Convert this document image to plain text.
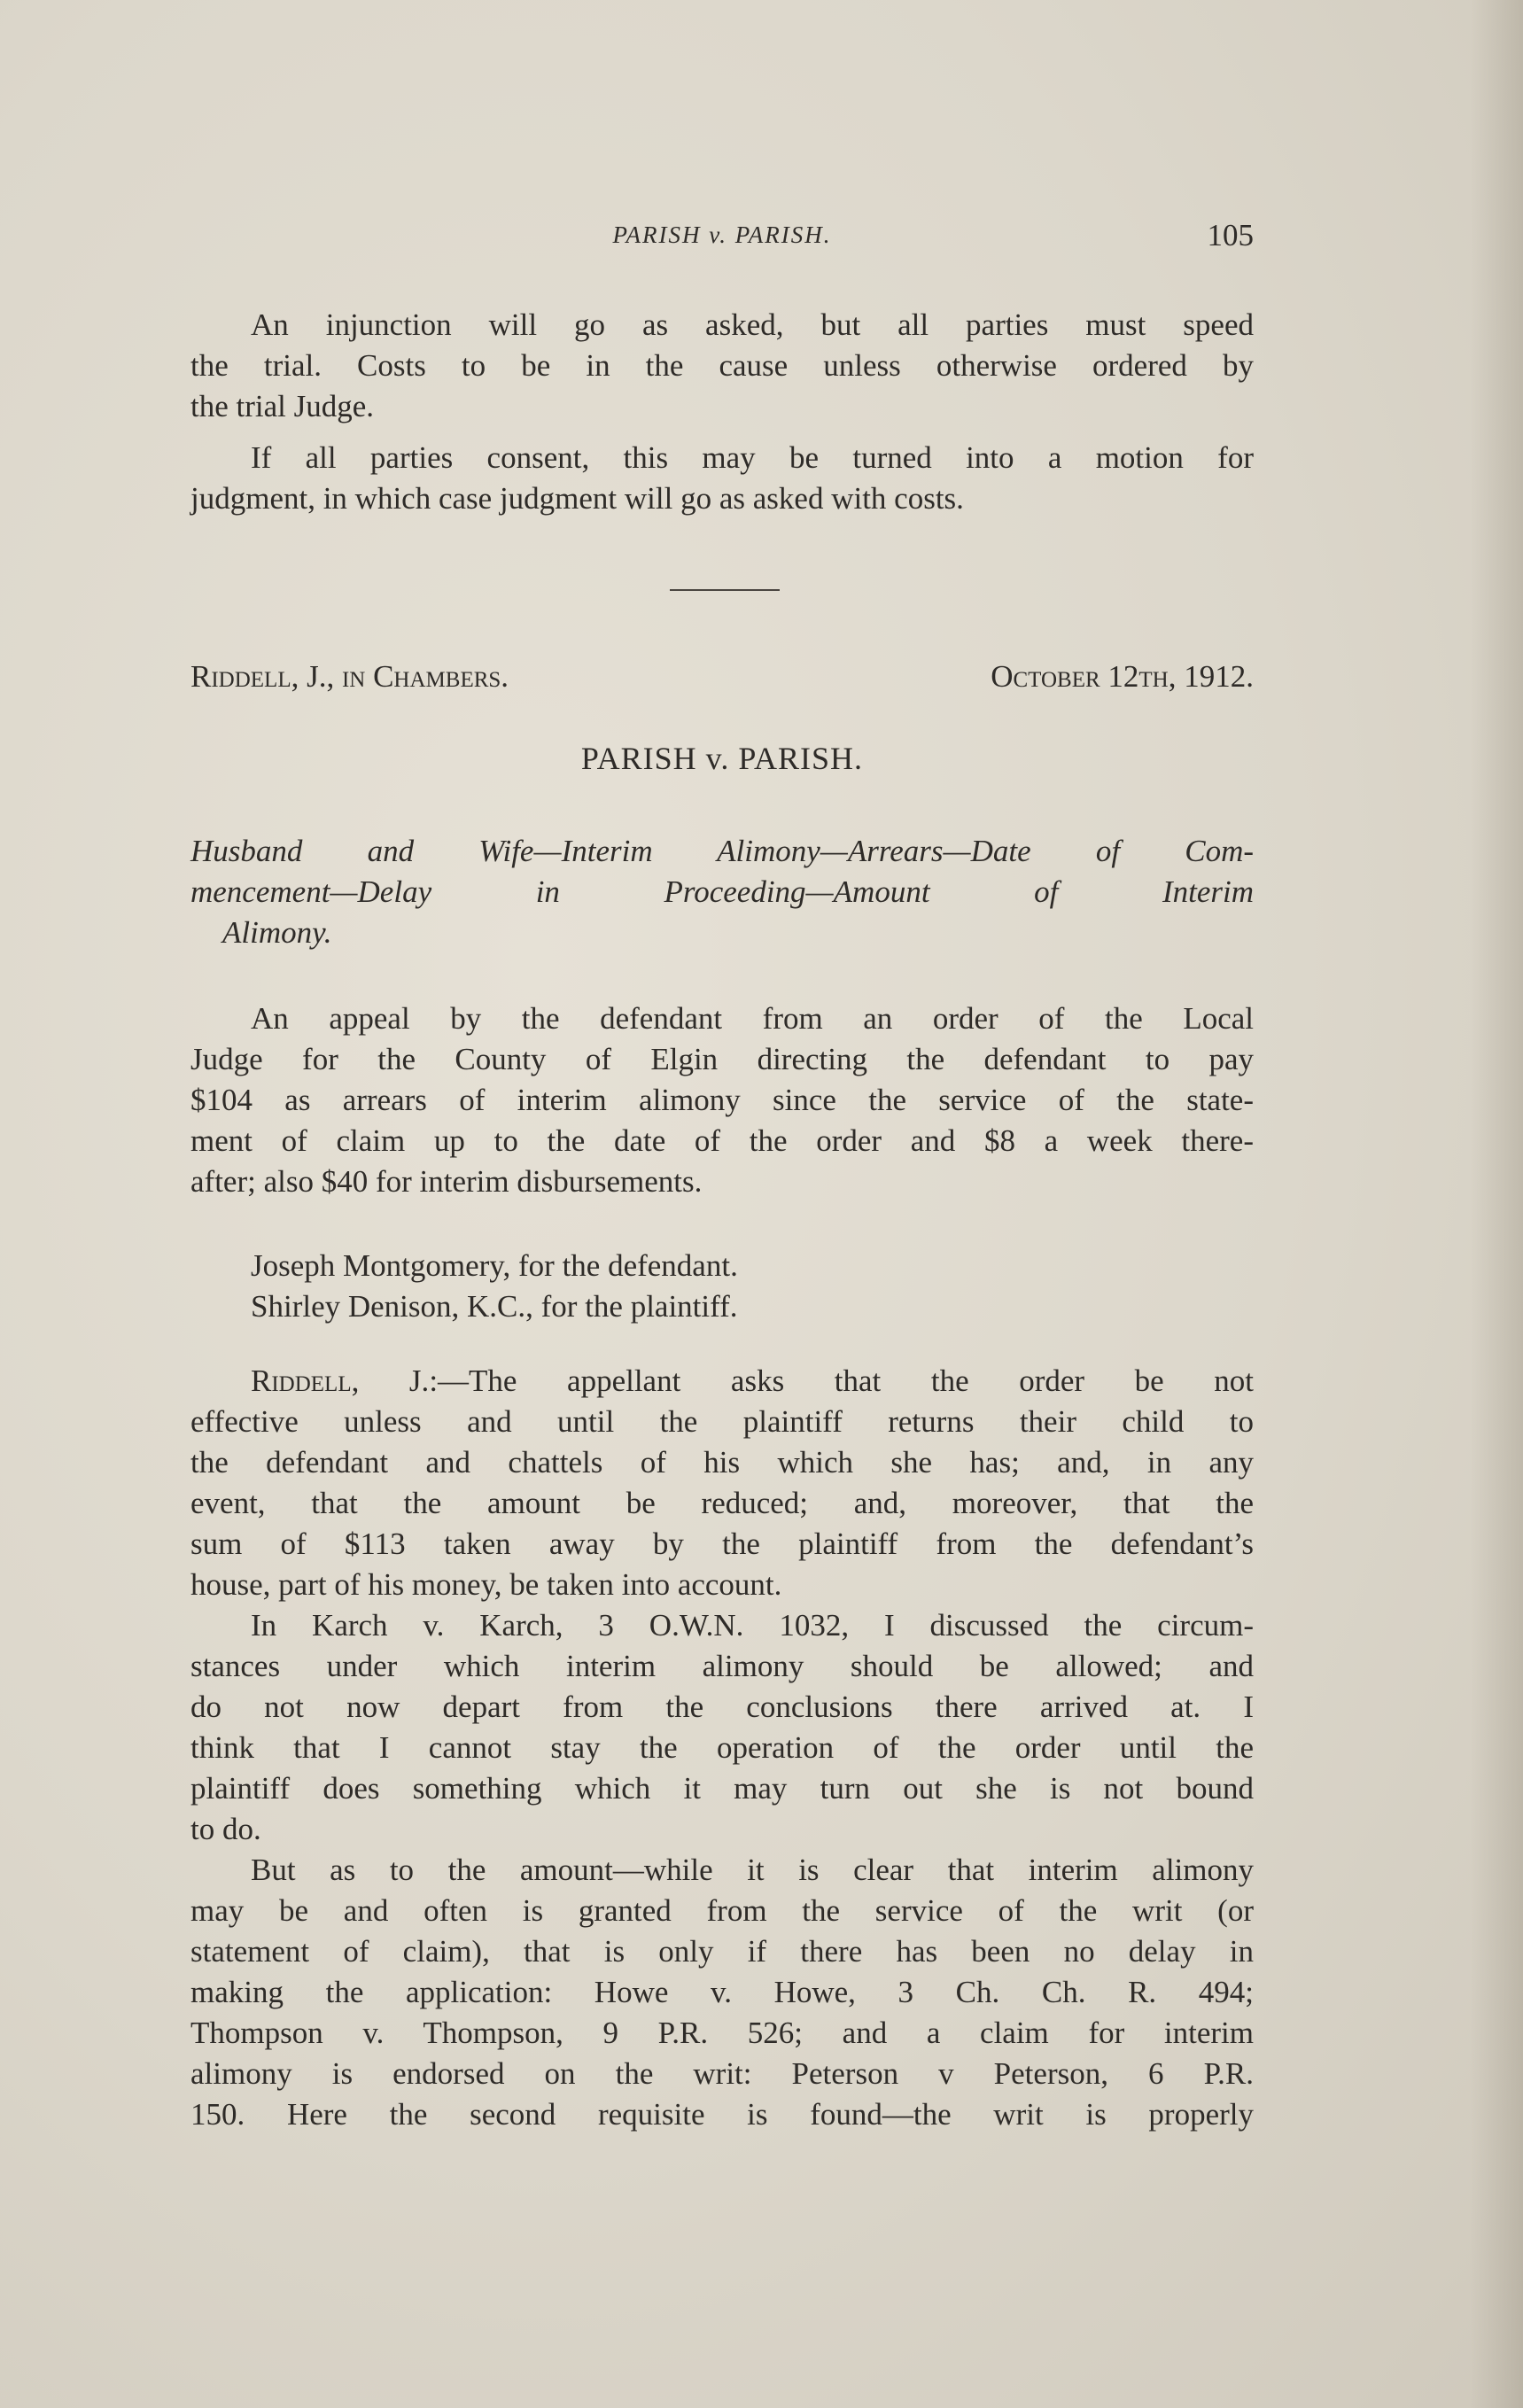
PARISH v. PARISH.	105
An injunction will go as asked, but all parties must speed
the trial. Costs to be in the cause unless otherwise ordered by
the trial Judge.
If all parties consent, this may be turned into a motion for
judgment, in which case judgment will go as asked with costs.
Riddell, J., in Chambers.	October 12th, 1912.
PARISH v. PARISH.
Husband and Wife—Interim Alimony—Arrears—Date of Com-
mencement—Delay in Proceeding—Amount of Interim
Alimony.
An appeal by the defendant from an order of the Local
Judge for the County of Elgin directing the defendant to pay
$104 as arrears of interim alimony since the service of the state-
ment of claim up to the date of the order and $8 a week there-
after; also $40 for interim disbursements.
Joseph Montgomery, for the defendant.
Shirley Denison, K.C., for the plaintiff.
Riddell, J.:—The appellant asks that the order be not
effective unless and until the plaintiff returns their child to
the defendant and chattels of his which she has; and, in any
event, that the amount be reduced; and, moreover, that the
sum of $113 taken away by the plaintiff from the defendant’s
house, part of his money, be taken into account.
In Karch v. Karch, 3 O.W.N. 1032, I discussed the circum-
stances under which interim alimony should be allowed; and
do not now depart from the conclusions there arrived at. I
think that I cannot stay the operation of the order until the
plaintiff does something which it may turn out she is not bound
to do.
But as to the amount—while it is clear that interim alimony
may be and often is granted from the service of the writ (or
statement of claim), that is only if there has been no delay in
making the application: Howe v. Howe, 3 Ch. Ch. R. 494;
Thompson v. Thompson, 9 P.R. 526; and a claim for interim
alimony is endorsed on the writ: Peterson v Peterson, 6 P.R.
150. Here the second requisite is found—the writ is properly
